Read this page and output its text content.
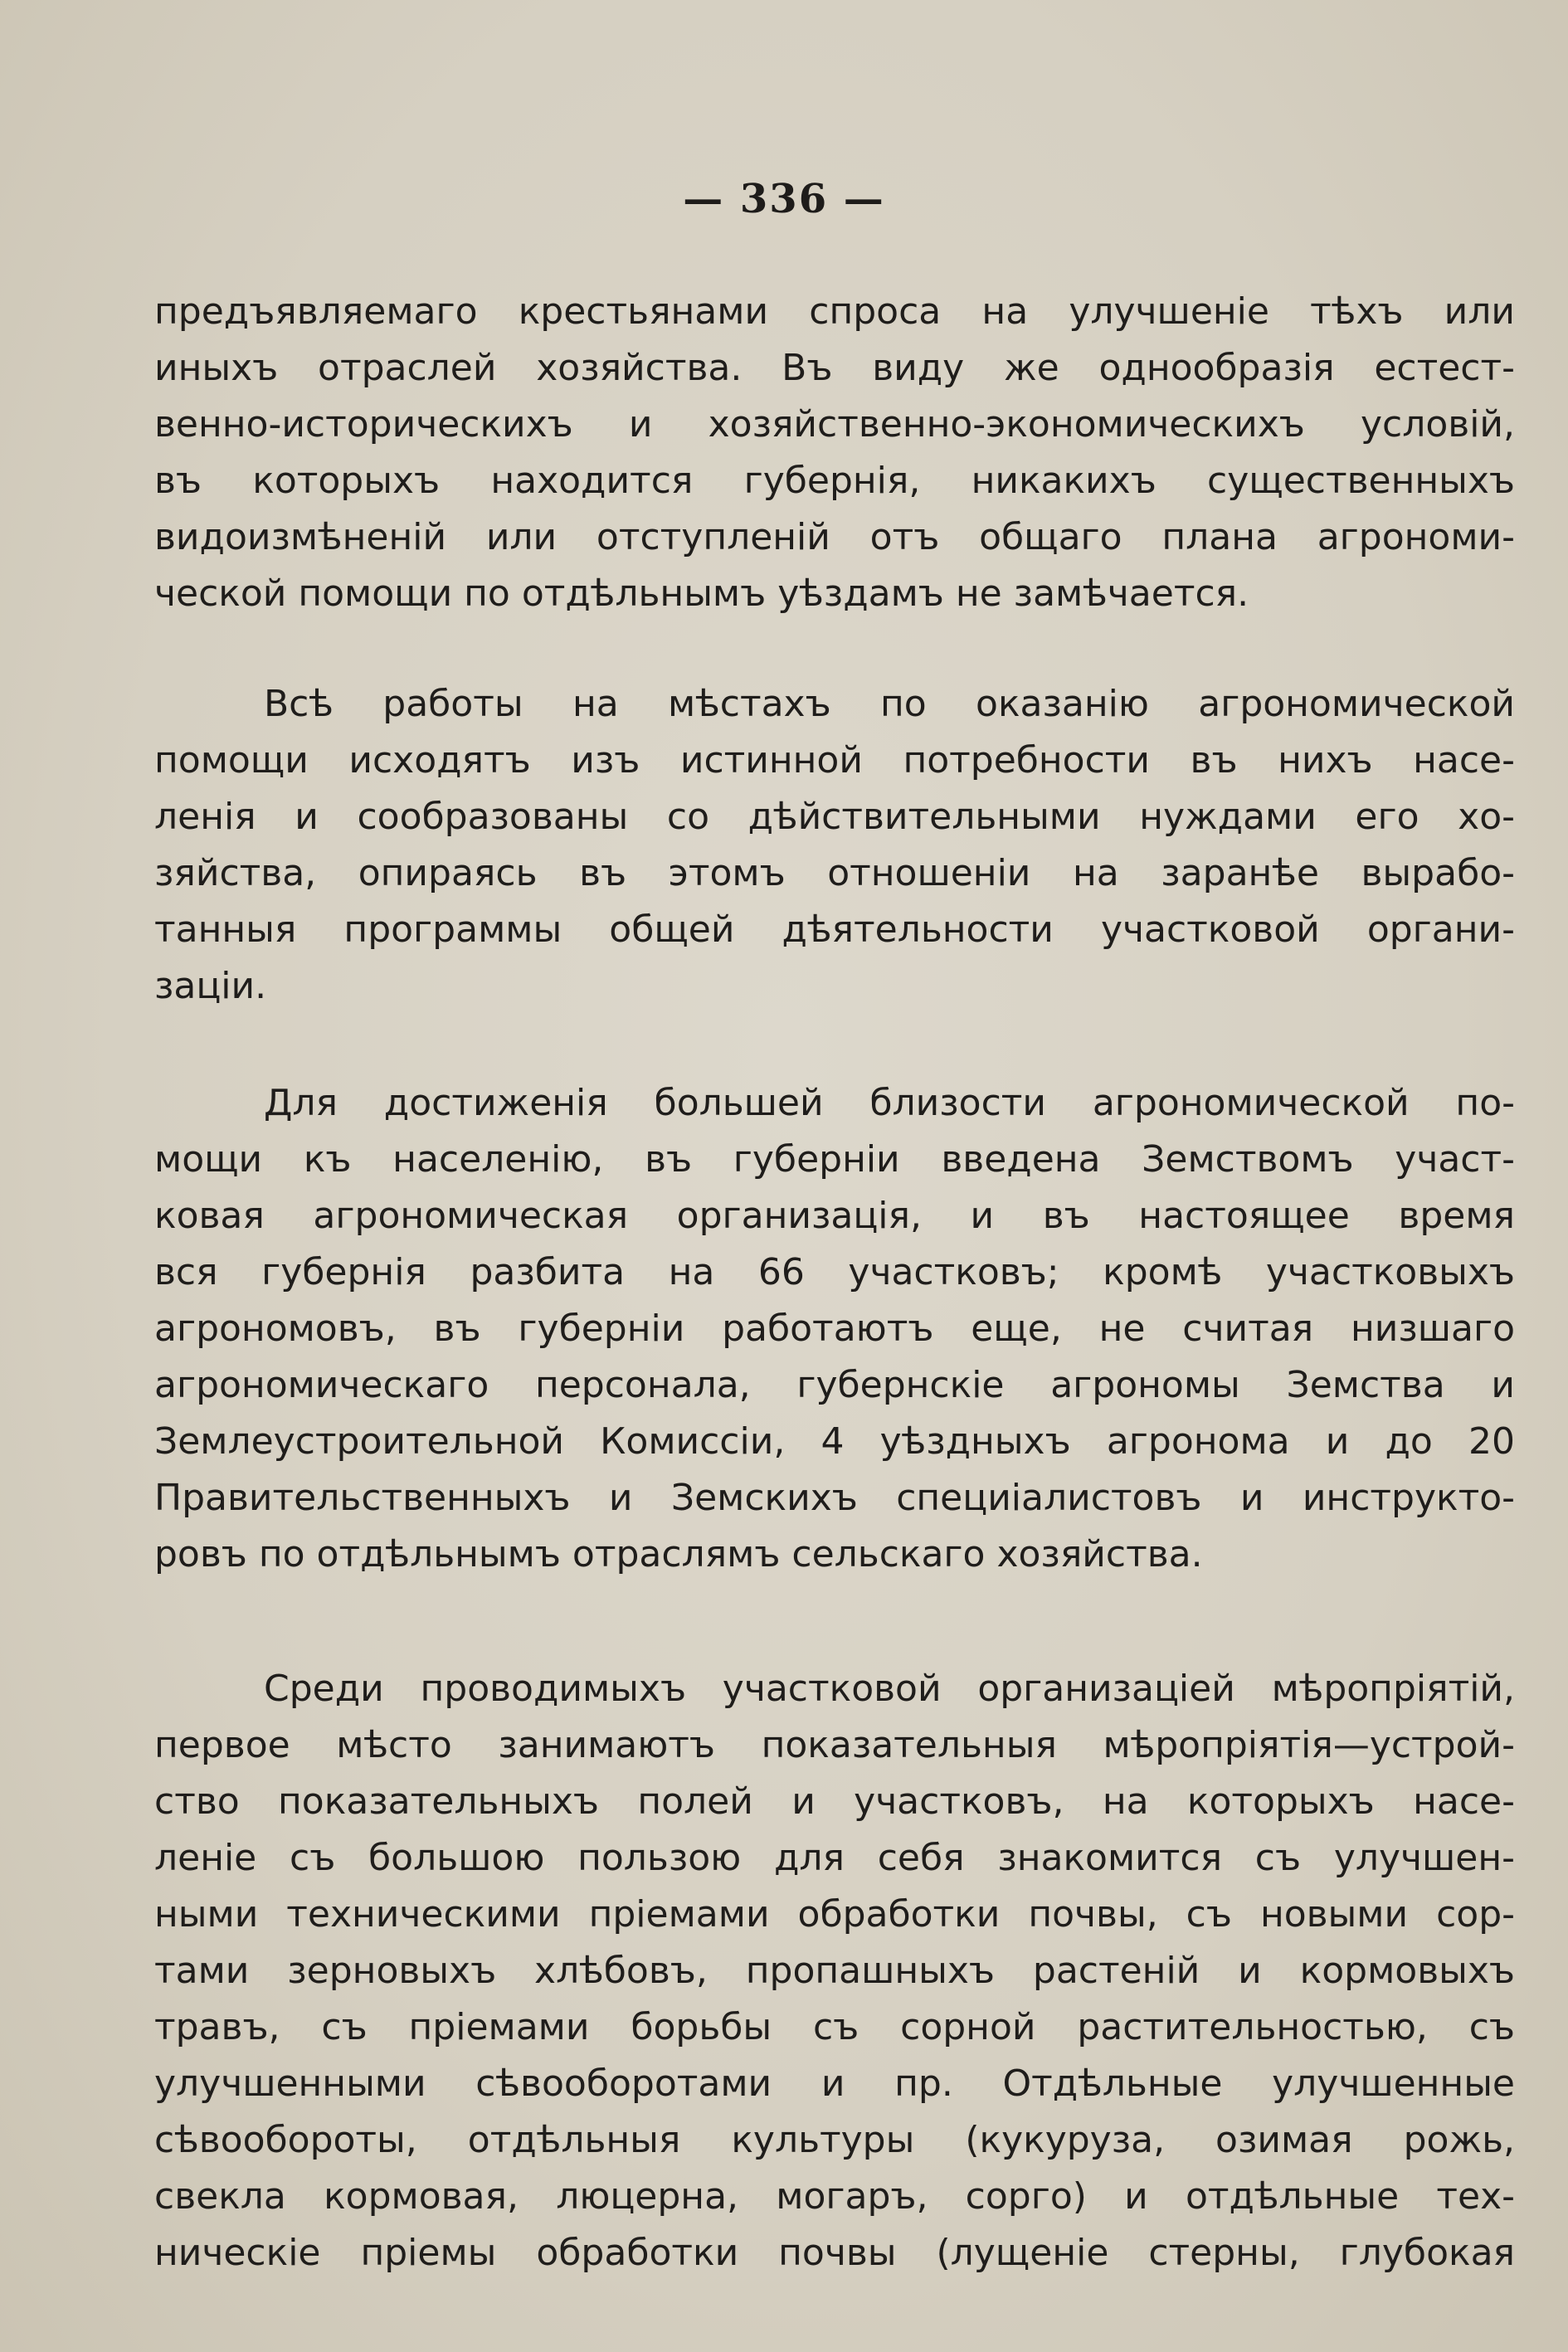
— 336 —
предъявляемаго крестьянами спроса на улучшенiе тѣхъ или
иныхъ отраслей хозяйства. Въ виду же однообразiя естест-
венно-историческихъ и хозяйственно-экономическихъ условiй,
въ которыхъ находится губернiя, никакихъ существенныхъ
видоизмѣненiй или отступленiй отъ общаго плана агрономи-
ческой помощи по отдѣльнымъ уѣздамъ не замѣчается.
Всѣ работы на мѣстахъ по оказанiю агрономической
помощи исходятъ изъ истинной потребности въ нихъ насе-
ленiя и сообразованы со дѣйствительными нуждами его хо-
зяйства, опираясь въ этомъ отношенiи на заранѣе вырабо-
танныя программы общей дѣятельности участковой органи-
зацiи.
Для достиженiя большей близости агрономической по-
мощи къ населенiю, въ губернiи введена Земствомъ участ-
ковая агрономическая организацiя, и въ настоящее время
вся губернiя разбита на 66 участковъ; кромѣ участковыхъ
агрономовъ, въ губернiи работаютъ еще, не считая низшаго
агрономическаго персонала, губернскiе агрономы Земства и
Землеустроительной Комиссiи, 4 уѣздныхъ агронома и до 20
Правительственныхъ и Земскихъ специiалистовъ и инструкто-
ровъ по отдѣльнымъ отраслямъ сельскаго хозяйства.
Среди проводимыхъ участковой организацiей мѣропрiятiй,
первое мѣсто занимаютъ показательныя мѣропрiятiя—устрой-
ство показательныхъ полей и участковъ, на которыхъ насе-
ленiе съ большою пользою для себя знакомится съ улучшен-
ными техническими прiемами обработки почвы, съ новыми сор-
тами зерновыхъ хлѣбовъ, пропашныхъ растенiй и кормовыхъ
травъ, съ прiемами борьбы съ сорной растительностью, съ
улучшенными сѣвооборотами и пр. Отдѣльные улучшенные
сѣвообороты, отдѣльныя культуры (кукуруза, озимая рожь,
свекла кормовая, люцерна, могаръ, сорго) и отдѣльные тех-
ническiе прiемы обработки почвы (лущенiе стерны, глубокая
